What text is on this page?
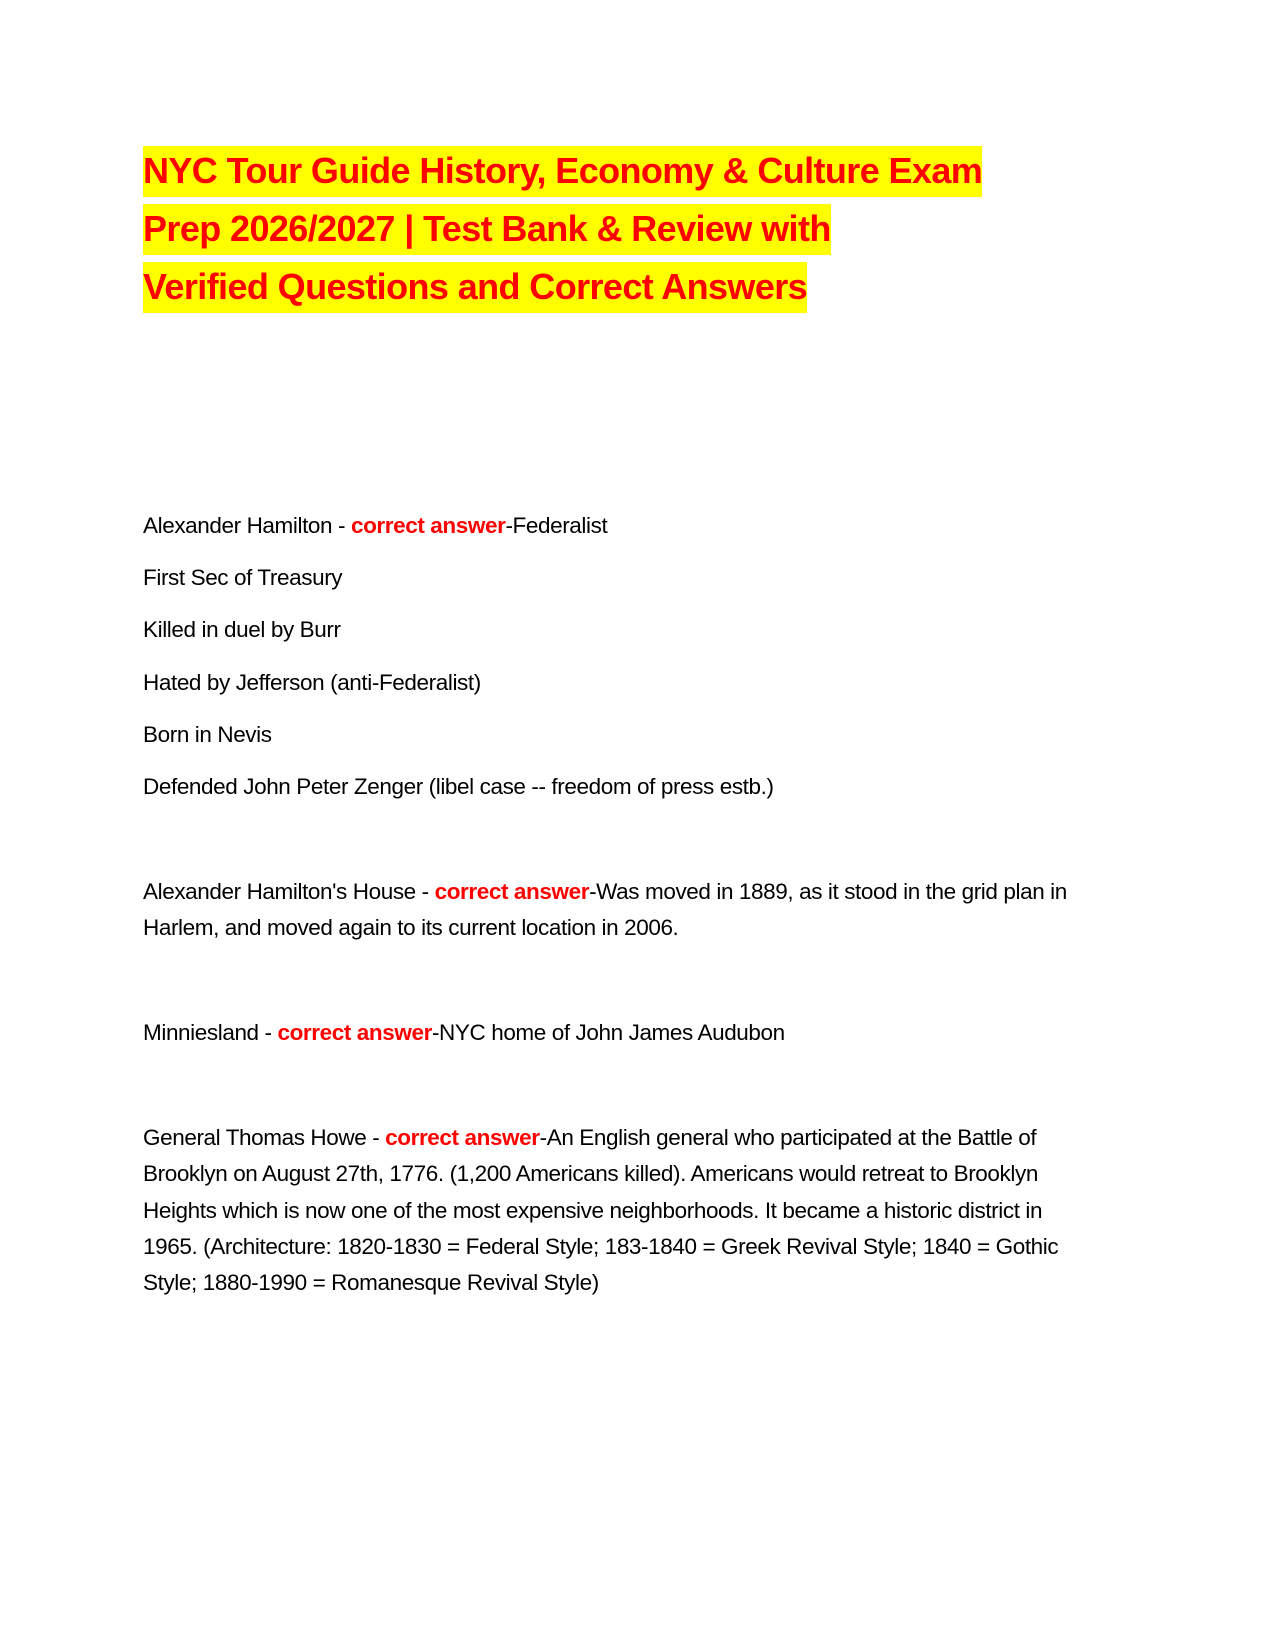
NYC Tour Guide History, Economy & Culture Exam
Prep 2026/2027 | Test Bank & Review with
Verified Questions and Correct Answers
Alexander Hamilton - correct answer-Federalist
First Sec of Treasury
Killed in duel by Burr
Hated by Jefferson (anti-Federalist)
Born in Nevis
Defended John Peter Zenger (libel case -- freedom of press estb.)
Alexander Hamilton's House - correct answer-Was moved in 1889, as it stood in the grid plan in Harlem, and moved again to its current location in 2006.
Minniesland - correct answer-NYC home of John James Audubon
General Thomas Howe - correct answer-An English general who participated at the Battle of Brooklyn on August 27th, 1776. (1,200 Americans killed). Americans would retreat to Brooklyn Heights which is now one of the most expensive neighborhoods. It became a historic district in 1965. (Architecture: 1820-1830 = Federal Style; 183-1840 = Greek Revival Style; 1840 = Gothic Style; 1880-1990 = Romanesque Revival Style)
